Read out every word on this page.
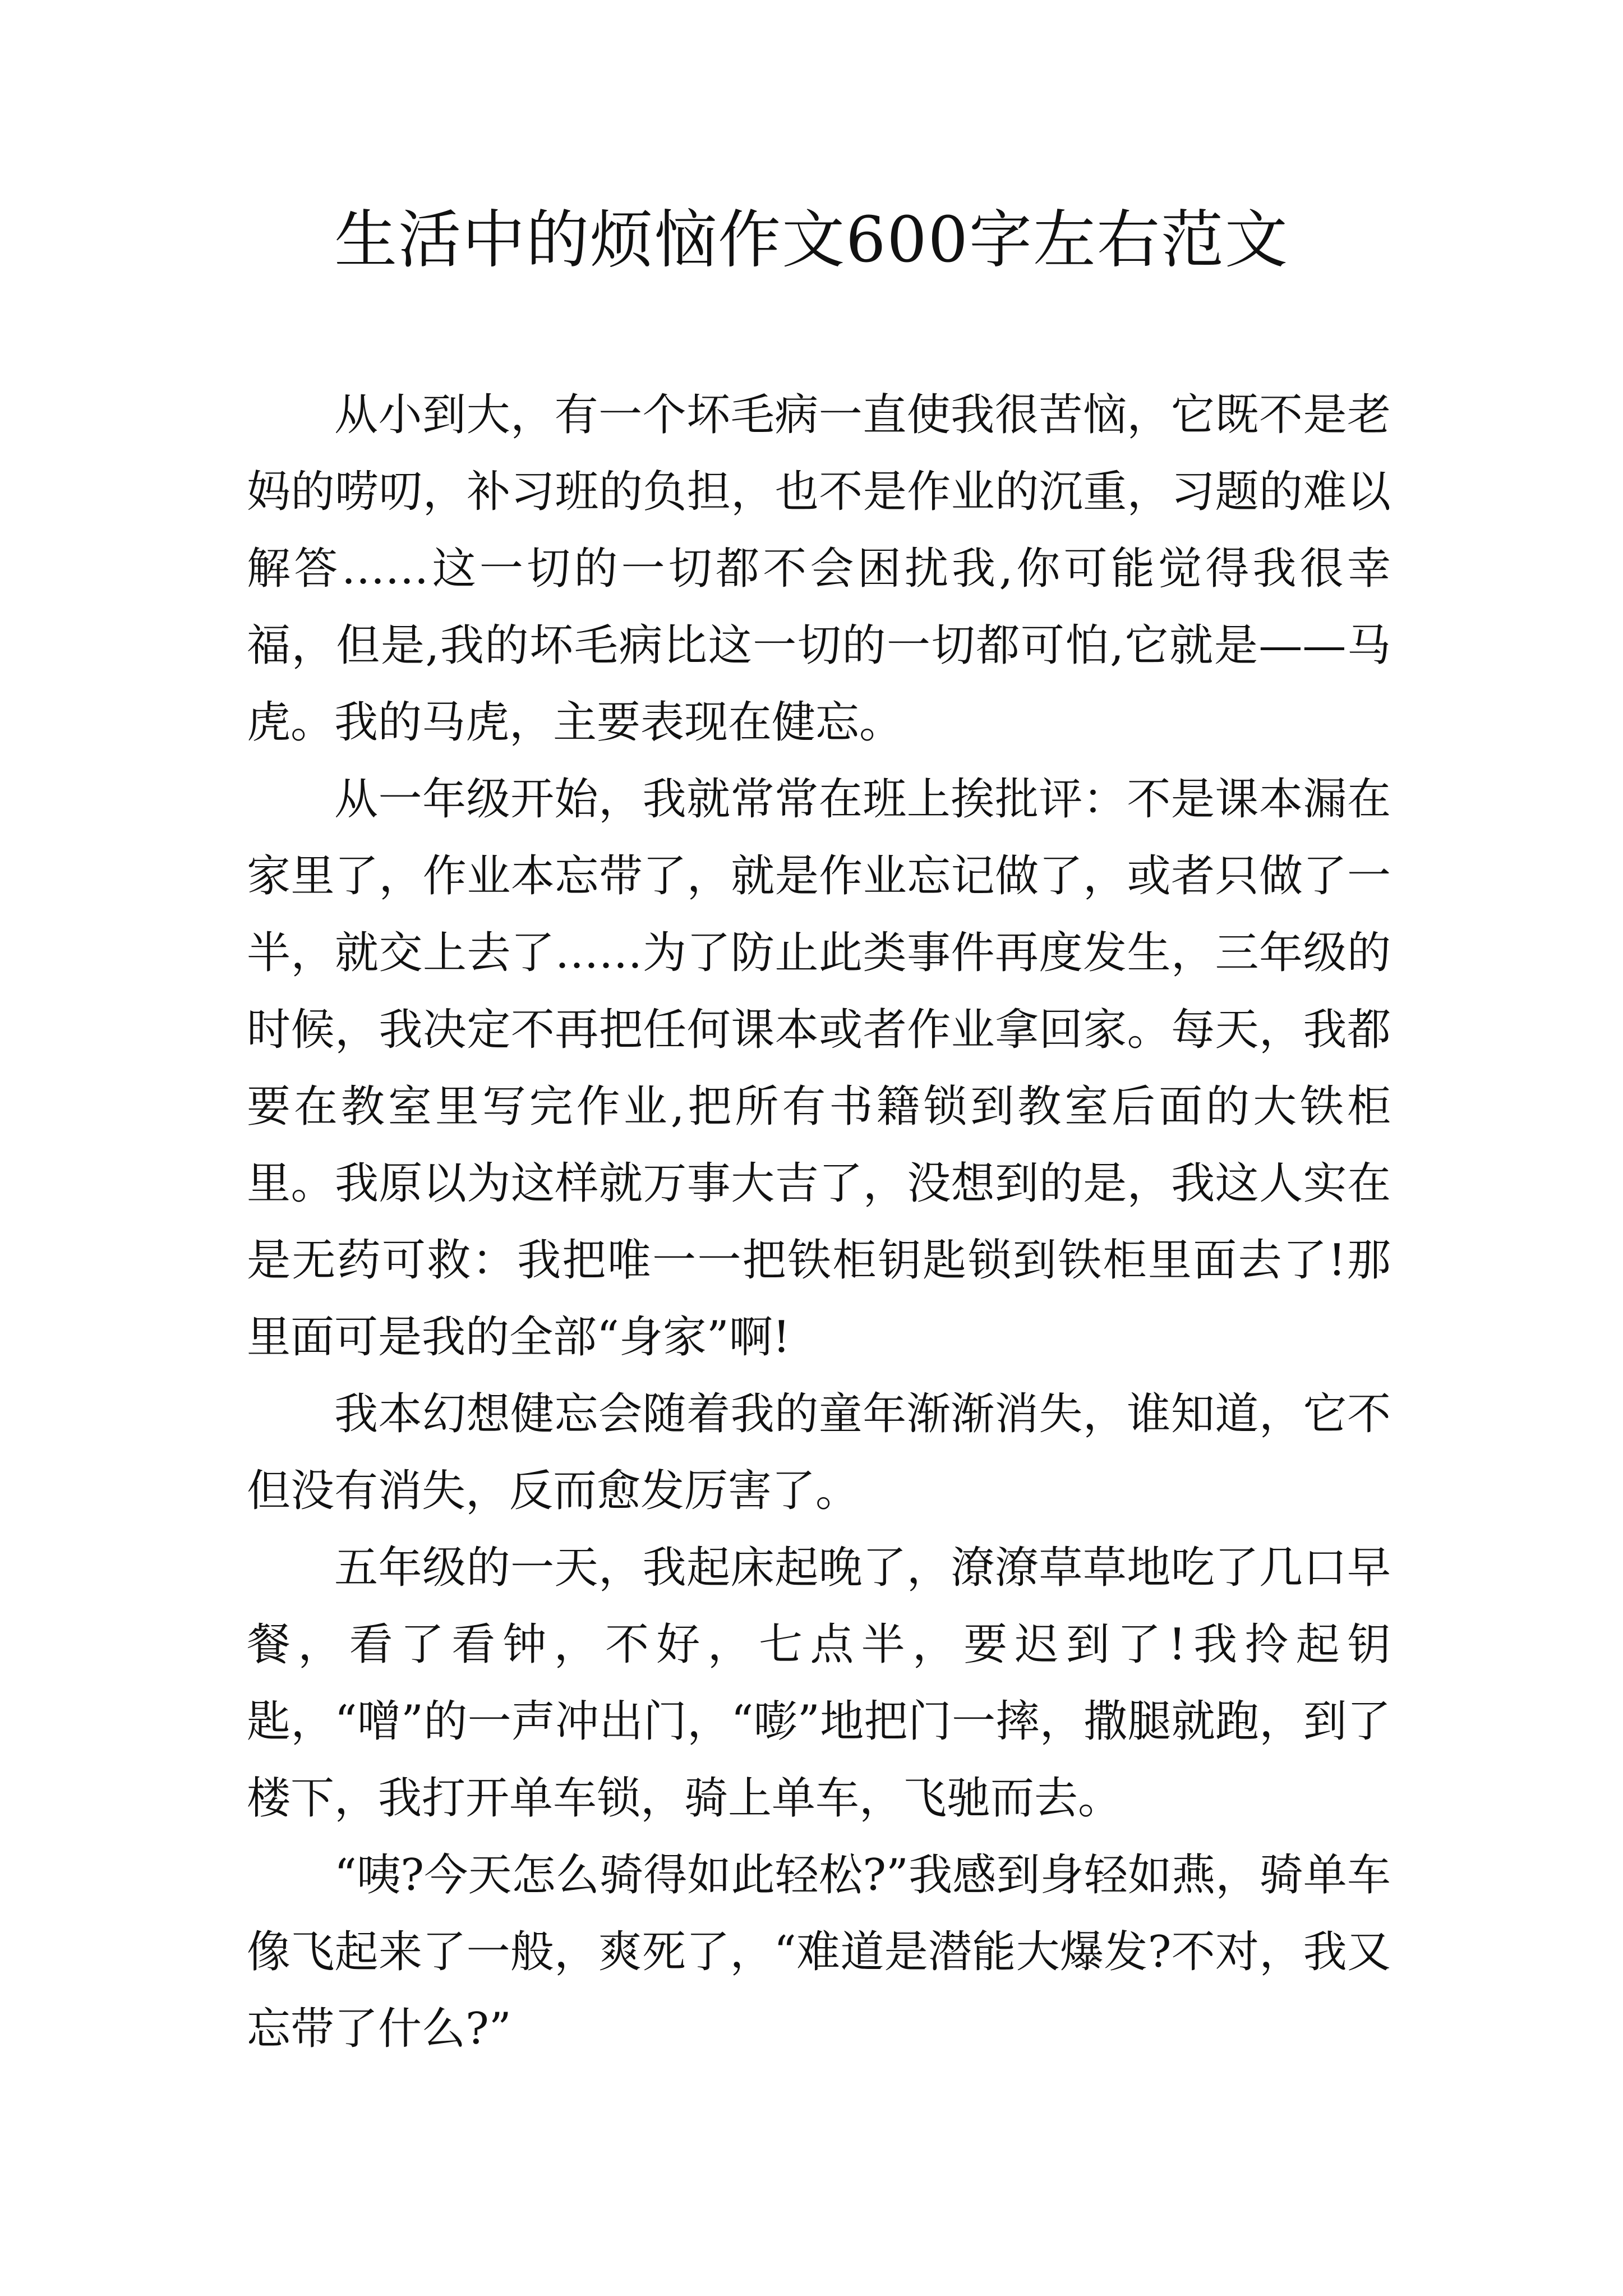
生活中的烦恼作文600字左右范文

从小到大，有一个坏毛病一直使我很苦恼，它既不是老妈的唠叨，补习班的负担，也不是作业的沉重，习题的难以解答……这一切的一切都不会困扰我,你可能觉得我很幸福，但是,我的坏毛病比这一切的一切都可怕,它就是——马虎。我的马虎，主要表现在健忘。

从一年级开始，我就常常在班上挨批评：不是课本漏在家里了，作业本忘带了，就是作业忘记做了，或者只做了一半，就交上去了……为了防止此类事件再度发生，三年级的时候，我决定不再把任何课本或者作业拿回家。每天，我都要在教室里写完作业,把所有书籍锁到教室后面的大铁柜里。我原以为这样就万事大吉了，没想到的是，我这人实在是无药可救：我把唯一一把铁柜钥匙锁到铁柜里面去了!那里面可是我的全部“身家”啊!

我本幻想健忘会随着我的童年渐渐消失，谁知道，它不但没有消失，反而愈发厉害了。

五年级的一天，我起床起晚了，潦潦草草地吃了几口早餐，看了看钟，不好，七点半，要迟到了!我拎起钥匙，“噌”的一声冲出门，“嘭”地把门一摔，撒腿就跑，到了楼下，我打开单车锁，骑上单车，飞驰而去。

“咦?今天怎么骑得如此轻松?”我感到身轻如燕，骑单车像飞起来了一般，爽死了，“难道是潜能大爆发?不对，我又忘带了什么?”
